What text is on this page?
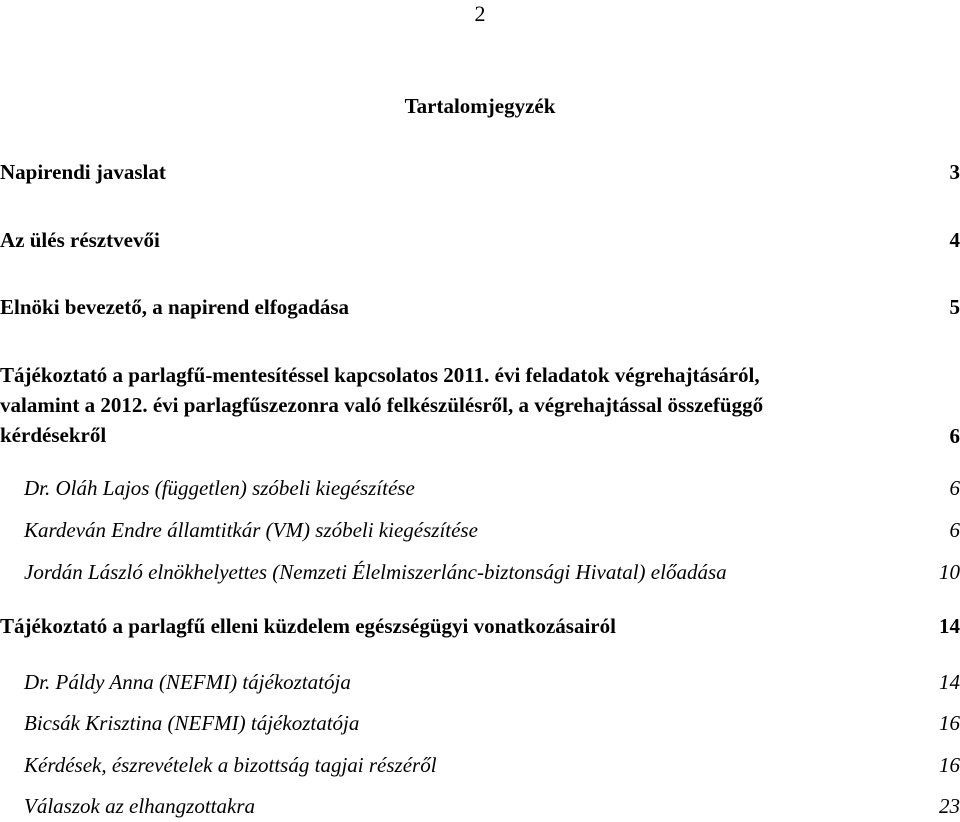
2
Tartalomjegyzék
Napirendi javaslat	3
Az ülés résztvevői	4
Elnöki bevezető, a napirend elfogadása	5
Tájékoztató a parlagfű-mentesítéssel kapcsolatos 2011. évi feladatok végrehajtásáról,
valamint a 2012. évi parlagfűszezonra való felkészülésről, a végrehajtással összefüggő
kérdésekről	6
Dr. Oláh Lajos (független) szóbeli kiegészítése	6
Kardeván Endre államtitkár (VM) szóbeli kiegészítése	6
Jordán László elnökhelyettes (Nemzeti Élelmiszerlánc-biztonsági Hivatal) előadása	10
Tájékoztató a parlagfű elleni küzdelem egészségügyi vonatkozásairól	14
Dr. Páldy Anna (NEFMI) tájékoztatója	14
Bicsák Krisztina (NEFMI) tájékoztatója	16
Kérdések, észrevételek a bizottság tagjai részéről	16
Válaszok az elhangzottakra	23
